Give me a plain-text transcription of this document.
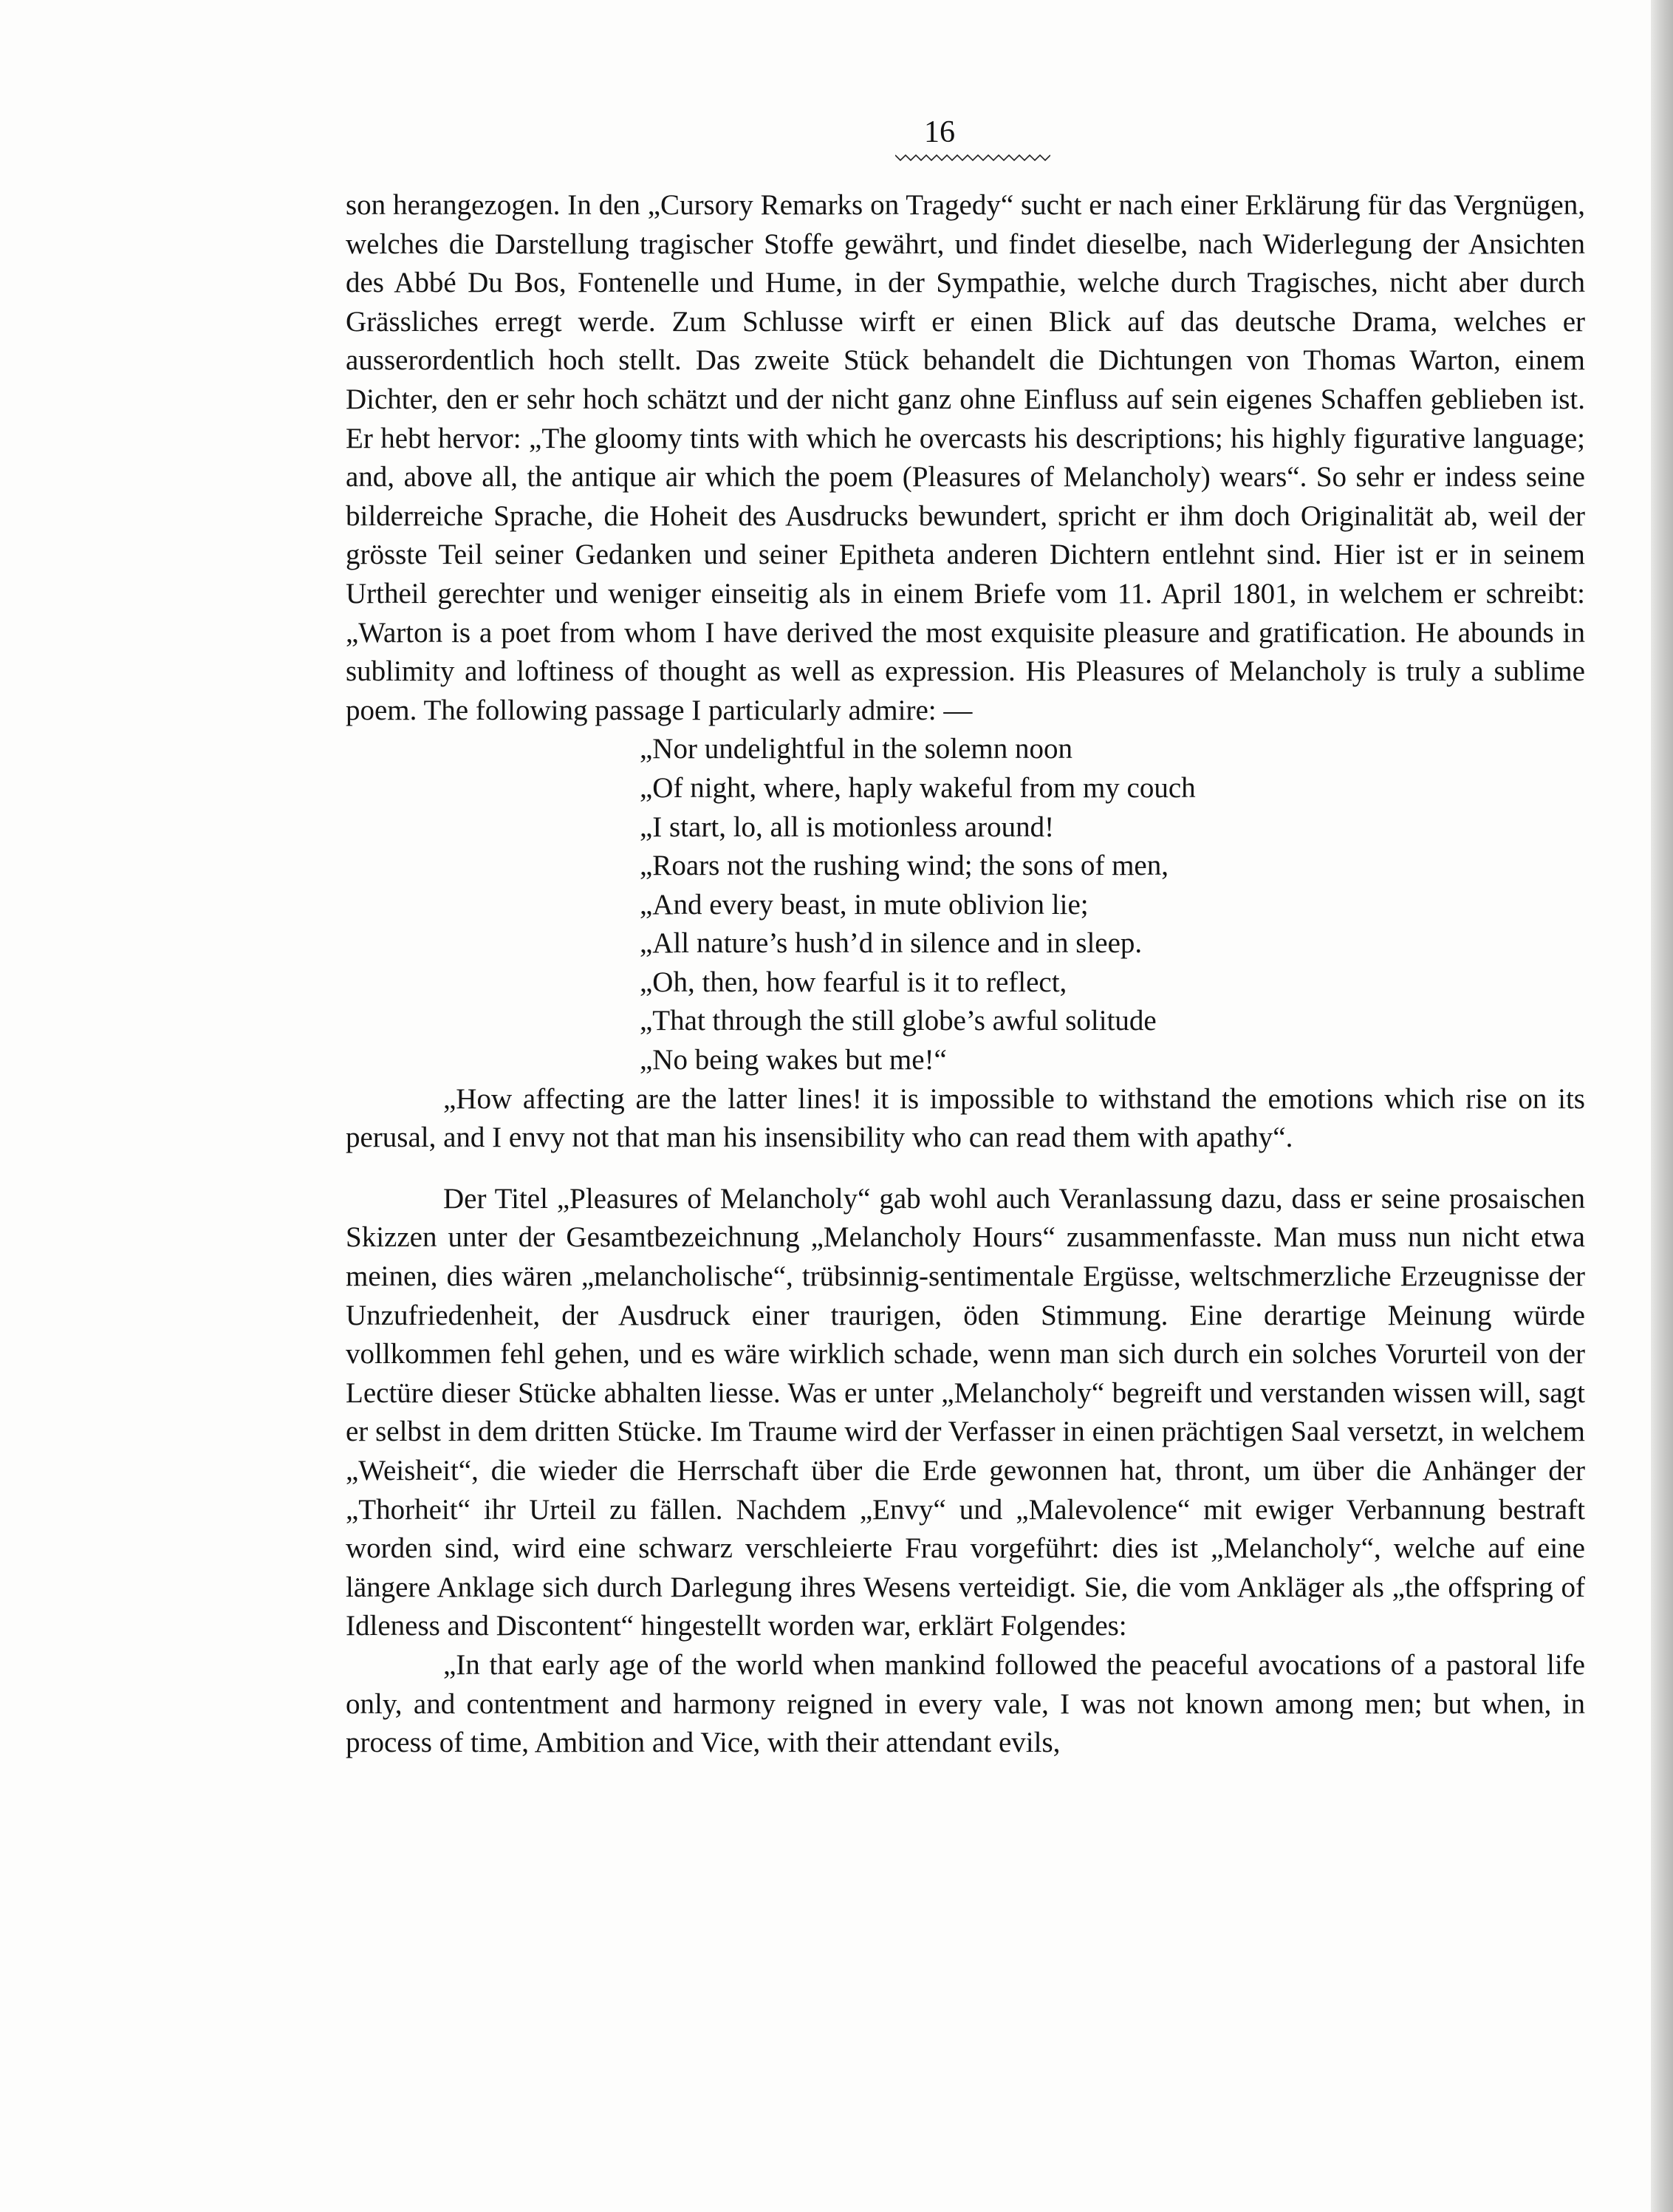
16

son herangezogen. In den „Cursory Remarks on Tragedy“ sucht er nach einer Erklärung für das Vergnügen, welches die Darstellung tragischer Stoffe gewährt, und findet dieselbe, nach Widerlegung der Ansichten des Abbé Du Bos, Fontenelle und Hume, in der Sympathie, welche durch Tragisches, nicht aber durch Grässliches erregt werde. Zum Schlusse wirft er einen Blick auf das deutsche Drama, welches er ausserordentlich hoch stellt. Das zweite Stück behandelt die Dichtungen von Thomas Warton, einem Dichter, den er sehr hoch schätzt und der nicht ganz ohne Einfluss auf sein eigenes Schaffen geblieben ist. Er hebt hervor: „The gloomy tints with which he overcasts his descriptions; his highly figurative language; and, above all, the antique air which the poem (Pleasures of Melancholy) wears“. So sehr er indess seine bilderreiche Sprache, die Hoheit des Ausdrucks bewundert, spricht er ihm doch Originalität ab, weil der grösste Teil seiner Gedanken und seiner Epitheta anderen Dichtern entlehnt sind. Hier ist er in seinem Urtheil gerechter und weniger einseitig als in einem Briefe vom 11. April 1801, in welchem er schreibt: „Warton is a poet from whom I have derived the most exquisite pleasure and gratification. He abounds in sublimity and loftiness of thought as well as expression. His Pleasures of Melancholy is truly a sublime poem. The following passage I particularly admire: —

„Nor undelightful in the solemn noon
„Of night, where, haply wakeful from my couch
„I start, lo, all is motionless around!
„Roars not the rushing wind; the sons of men,
„And every beast, in mute oblivion lie;
„All nature’s hush’d in silence and in sleep.
„Oh, then, how fearful is it to reflect,
„That through the still globe’s awful solitude
„No being wakes but me!“

„How affecting are the latter lines! it is impossible to withstand the emotions which rise on its perusal, and I envy not that man his insensibility who can read them with apathy“.

Der Titel „Pleasures of Melancholy“ gab wohl auch Veranlassung dazu, dass er seine prosaischen Skizzen unter der Gesamtbezeichnung „Melancholy Hours“ zusammenfasste. Man muss nun nicht etwa meinen, dies wären „melancholische“, trübsinnig-sentimentale Ergüsse, weltschmerzliche Erzeugnisse der Unzufriedenheit, der Ausdruck einer traurigen, öden Stimmung. Eine derartige Meinung würde vollkommen fehl gehen, und es wäre wirklich schade, wenn man sich durch ein solches Vorurteil von der Lectüre dieser Stücke abhalten liesse. Was er unter „Melancholy“ begreift und verstanden wissen will, sagt er selbst in dem dritten Stücke. Im Traume wird der Verfasser in einen prächtigen Saal versetzt, in welchem „Weisheit“, die wieder die Herrschaft über die Erde gewonnen hat, thront, um über die Anhänger der „Thorheit“ ihr Urteil zu fällen. Nachdem „Envy“ und „Malevolence“ mit ewiger Verbannung bestraft worden sind, wird eine schwarz verschleierte Frau vorgeführt: dies ist „Melancholy“, welche auf eine längere Anklage sich durch Darlegung ihres Wesens verteidigt. Sie, die vom Ankläger als „the offspring of Idleness and Discontent“ hingestellt worden war, erklärt Folgendes:

„In that early age of the world when mankind followed the peaceful avocations of a pastoral life only, and contentment and harmony reigned in every vale, I was not known among men; but when, in process of time, Ambition and Vice, with their attendant evils,
